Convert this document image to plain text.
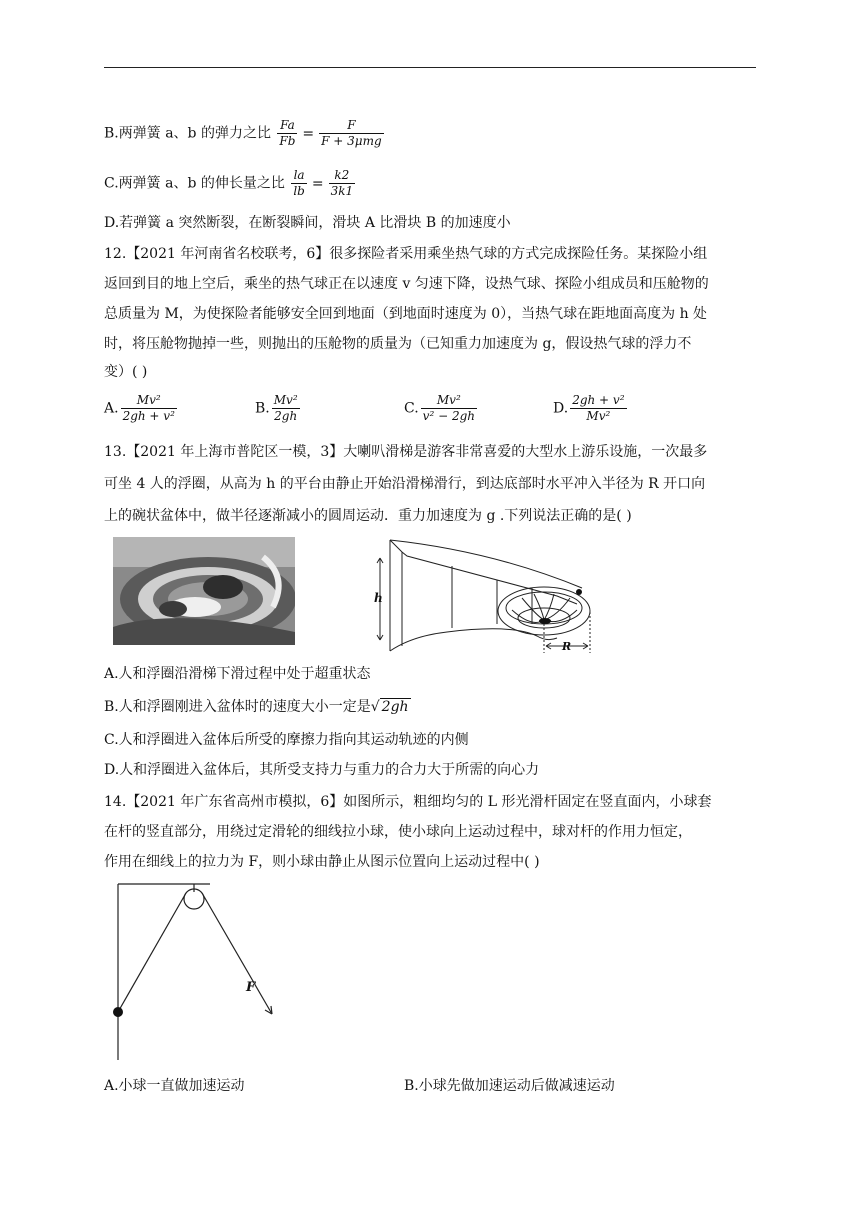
B.两弹簧 a、b 的弹力之比 $\frac{Fa}{Fb} = \frac{F}{\text{F + 3μmg}}$
C.两弹簧 a、b 的伸长量之比 $\frac{la}{lb} = \frac{k2}{3k1}$
D.若弹簧 a 突然断裂，在断裂瞬间，滑块 A 比滑块 B 的加速度小
12.【2021 年河南省名校联考，6】很多探险者采用乘坐热气球的方式完成探险任务。某探险小组
返回到目的地上空后，乘坐的热气球正在以速度 v 匀速下降，设热气球、探险小组成员和压舱物的
总质量为 M，为使探险者能够安全回到地面（到地面时速度为 0），当热气球在距地面高度为 h 处
时，将压舱物抛掉一些，则抛出的压舱物的质量为（已知重力加速度为 g，假设热气球的浮力不
变）( )
A. $\frac{\text{Mv²}}{\text{2gh + v²}}$	B. $\frac{\text{Mv²}}{2gh}$	C. $\frac{\text{Mv²}}{\text{v² − 2gh}}$	D. $\frac{\text{2gh + v²}}{\text{Mv²}}$
13.【2021 年上海市普陀区一模，3】大喇叭滑梯是游客非常喜爱的大型水上游乐设施，一次最多
可坐 4 人的浮圈，从高为 h 的平台由静止开始沿滑梯滑行，到达底部时水平冲入半径为 R 开口向
上的碗状盆体中，做半径逐渐减小的圆周运动．重力加速度为 g .下列说法正确的是( )
h
R
A.人和浮圈沿滑梯下滑过程中处于超重状态
B.人和浮圈刚进入盆体时的速度大小一定是√ 2gh
C.人和浮圈进入盆体后所受的摩擦力指向其运动轨迹的内侧
D.人和浮圈进入盆体后，其所受支持力与重力的合力大于所需的向心力
14.【2021 年广东省高州市模拟，6】如图所示，粗细均匀的 L 形光滑杆固定在竖直面内，小球套
在杆的竖直部分，用绕过定滑轮的细线拉小球，使小球向上运动过程中，球对杆的作用力恒定，
作用在细线上的拉力为 F，则小球由静止从图示位置向上运动过程中( )
F
A.小球一直做加速运动	B.小球先做加速运动后做减速运动
